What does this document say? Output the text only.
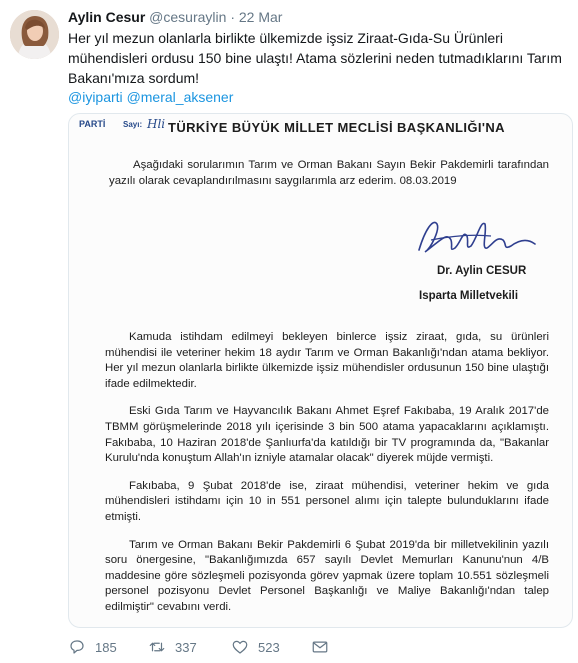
Aylin Cesur @cesuraylin · 22 Mar

Her yıl mezun olanlarla birlikte ülkemizde işsiz Ziraat-Gıda-Su Ürünleri

mühendisleri ordusu 150 bine ulaştı! Atama sözlerini neden tutmadıklarını Tarım

Bakanı'mıza sordum!

@iyiparti @meral_aksener
PARTİ Sayı: Hli TÜRKİYE BÜYÜK MİLLET MECLİSİ BAŞKANLIĞI'NA

Aşağıdaki sorularımın Tarım ve Orman Bakanı Sayın Bekir Pakdemirli tarafından yazılı olarak cevaplandırılmasını saygılarımla arz ederim. 08.03.2019

Dr. Aylin CESUR
Isparta Milletvekili

Kamuda istihdam edilmeyi bekleyen binlerce işsiz ziraat, gıda, su ürünleri mühendisi ile veteriner hekim 18 aydır Tarım ve Orman Bakanlığı'ndan atama bekliyor. Her yıl mezun olanlarla birlikte ülkemizde işsiz mühendisler ordusunun 150 bine ulaştığı ifade edilmektedir.

Eski Gıda Tarım ve Hayvancılık Bakanı Ahmet Eşref Fakıbaba, 19 Aralık 2017'de TBMM görüşmelerinde 2018 yılı içerisinde 3 bin 500 atama yapacaklarını açıklamıştı. Fakıbaba, 10 Haziran 2018'de Şanlıurfa'da katıldığı bir TV programında da, "Bakanlar Kurulu'nda konuştum Allah'ın izniyle atamalar olacak" diyerek müjde vermişti.

Fakıbaba, 9 Şubat 2018'de ise, ziraat mühendisi, veteriner hekim ve gıda mühendisleri istihdamı için 10 in 551 personel alımı için talepte bulunduklarını ifade etmişti.

Tarım ve Orman Bakanı Bekir Pakdemirli 6 Şubat 2019'da bir milletvekilinin yazılı soru önergesine, "Bakanlığımızda 657 sayılı Devlet Memurları Kanunu'nun 4/B maddesine göre sözleşmeli pozisyonda görev yapmak üzere toplam 10.551 sözleşmeli personel pozisyonu Devlet Personel Başkanlığı ve Maliye Bakanlığı'ndan talep edilmiştir" cevabını verdi.

185	337	523
